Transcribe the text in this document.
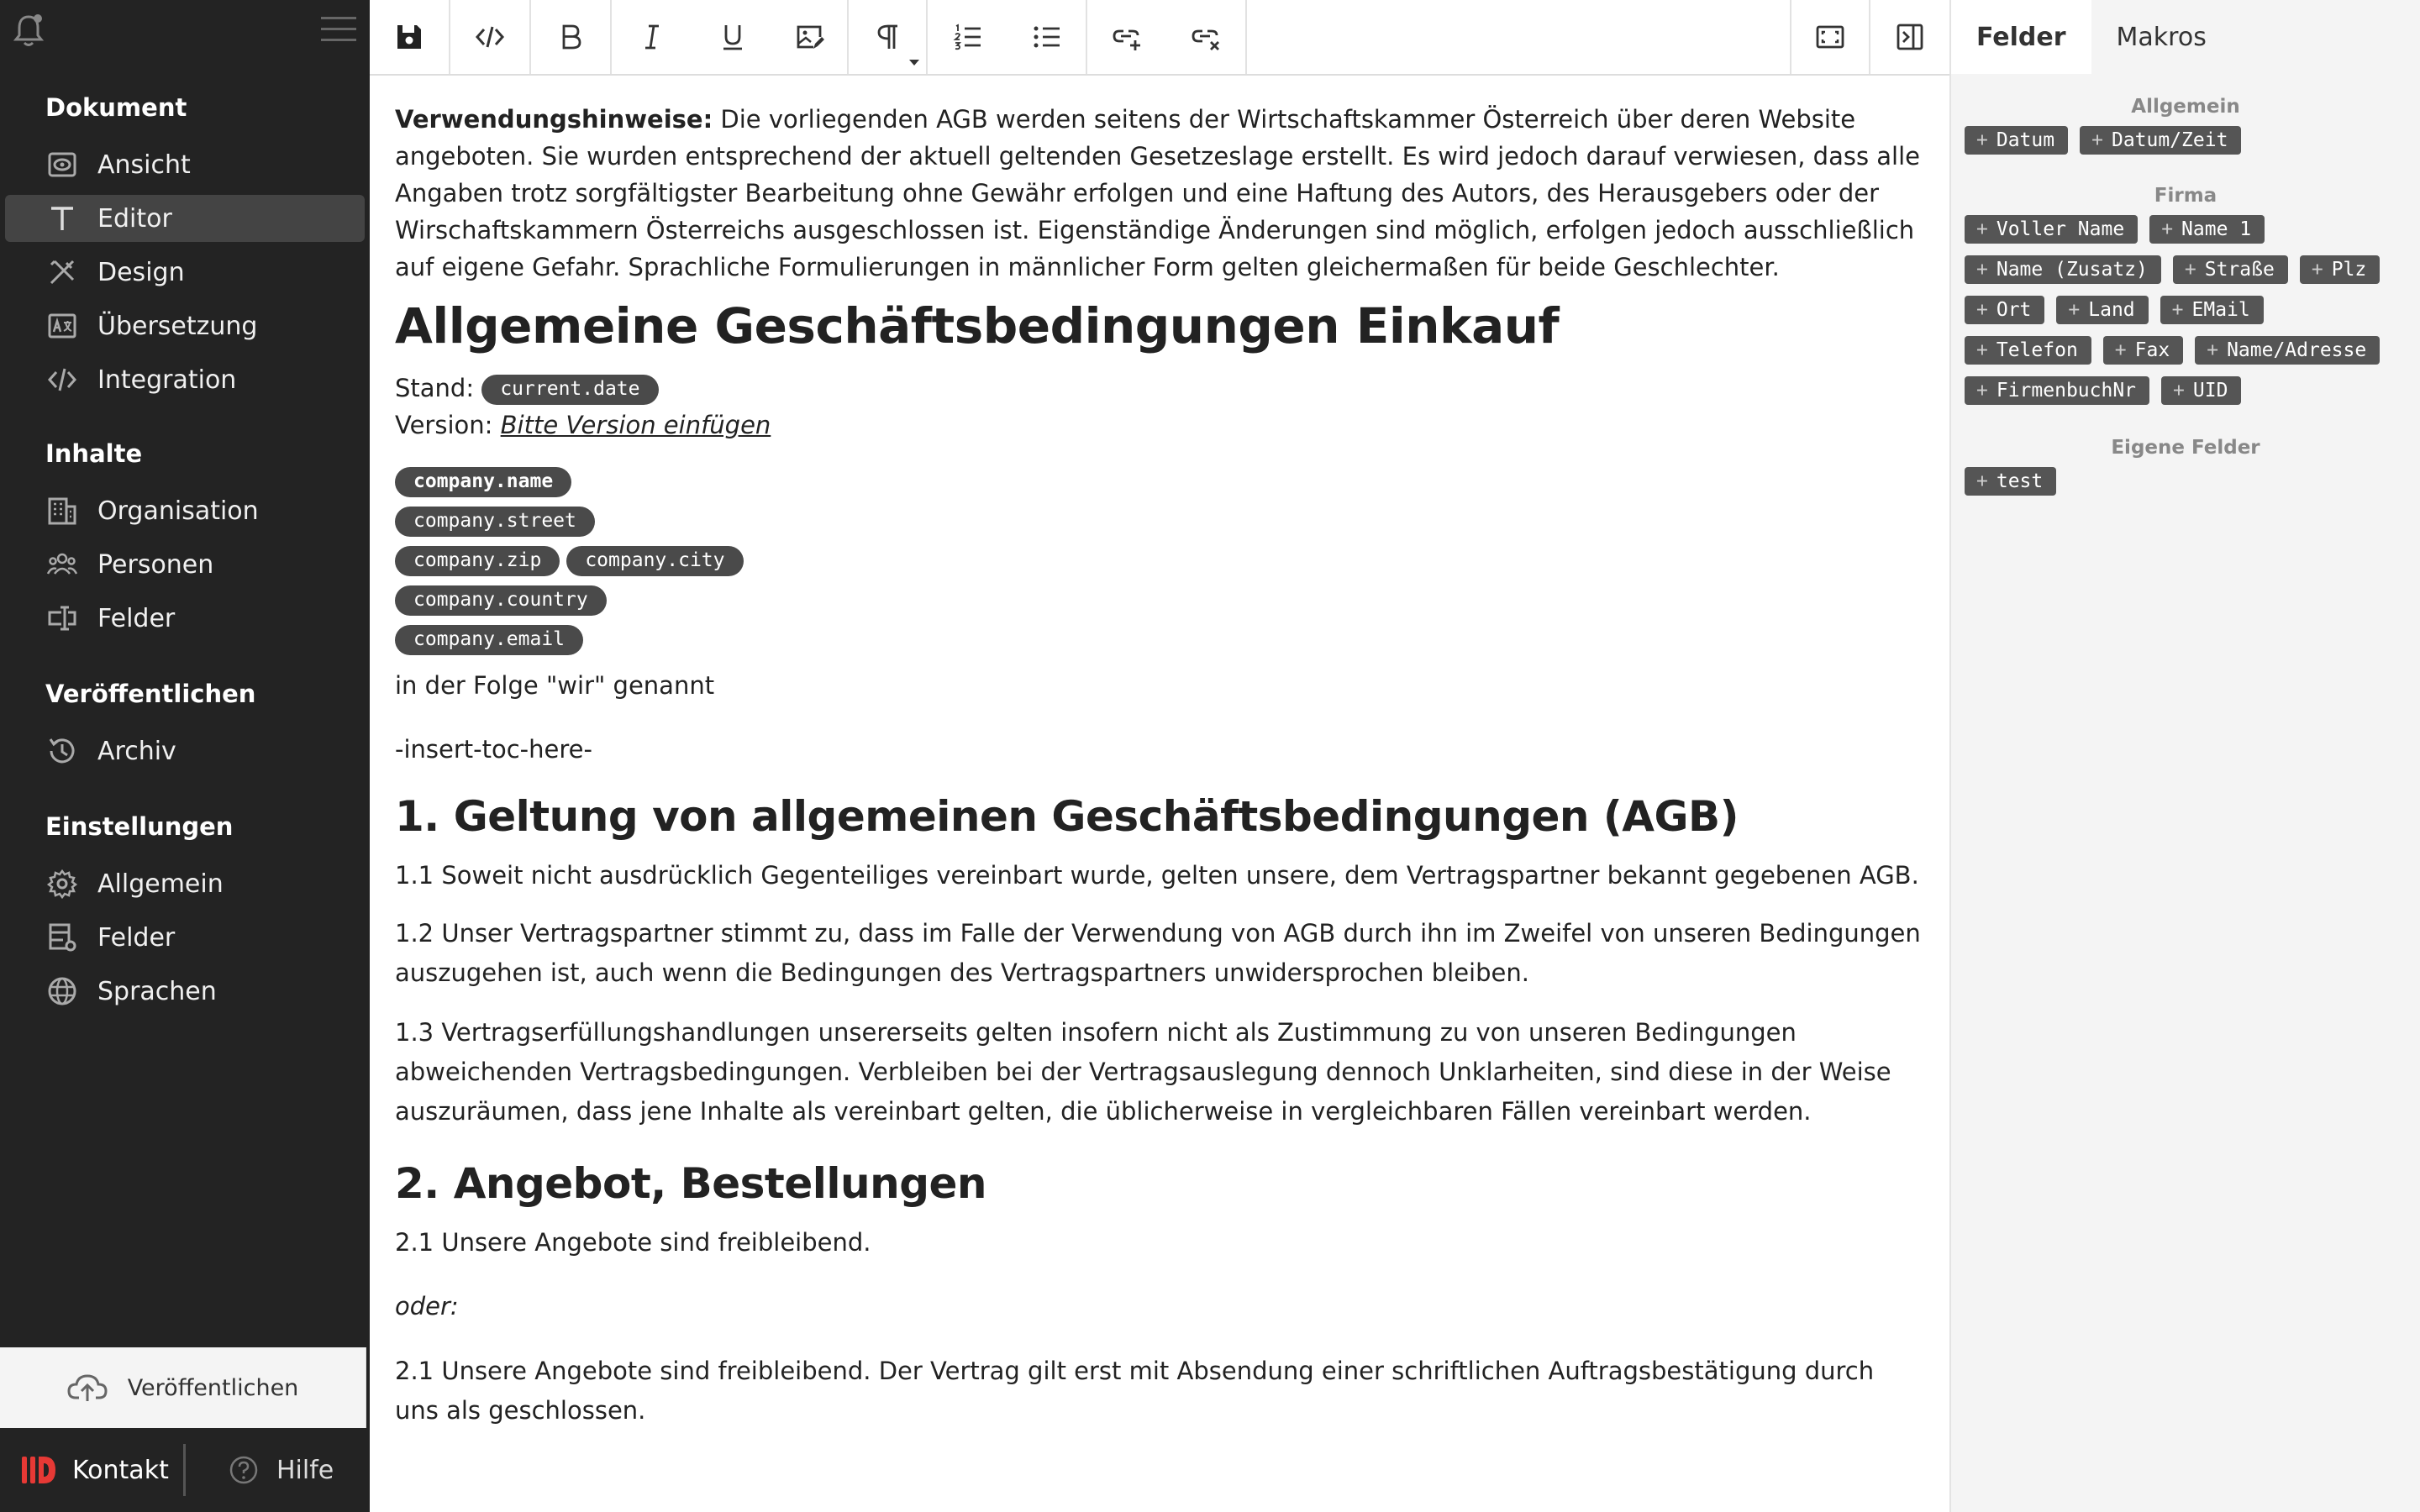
Dokument
Ansicht
Editor
Design
Übersetzung
Integration
Inhalte
Organisation
Personen
Felder
Veröffentlichen
Archiv
Einstellungen
Allgemein
Felder
Sprachen
Veröffentlichen
Kontakt	Hilfe

Verwendungshinweise: Die vorliegenden AGB werden seitens der Wirtschaftskammer Österreich über deren Website angeboten. Sie wurden entsprechend der aktuell geltenden Gesetzeslage erstellt. Es wird jedoch darauf verwiesen, dass alle Angaben trotz sorgfältigster Bearbeitung ohne Gewähr erfolgen und eine Haftung des Autors, des Herausgebers oder der Wirschaftskammern Österreichs ausgeschlossen ist. Eigenständige Änderungen sind möglich, erfolgen jedoch ausschließlich auf eigene Gefahr. Sprachliche Formulierungen in männlicher Form gelten gleichermaßen für beide Geschlechter.

Allgemeine Geschäftsbedingungen Einkauf

Stand: current.date

Version: Bitte Version einfügen

company.name
company.street
company.zip company.city
company.country
company.email

in der Folge "wir" genannt

-insert-toc-here-

1. Geltung von allgemeinen Geschäftsbedingungen (AGB)

1.1 Soweit nicht ausdrücklich Gegenteiliges vereinbart wurde, gelten unsere, dem Vertragspartner bekannt gegebenen AGB.

1.2 Unser Vertragspartner stimmt zu, dass im Falle der Verwendung von AGB durch ihn im Zweifel von unseren Bedingungen auszugehen ist, auch wenn die Bedingungen des Vertragspartners unwidersprochen bleiben.

1.3 Vertragserfüllungshandlungen unsererseits gelten insofern nicht als Zustimmung zu von unseren Bedingungen abweichenden Vertragsbedingungen. Verbleiben bei der Vertragsauslegung dennoch Unklarheiten, sind diese in der Weise auszuräumen, dass jene Inhalte als vereinbart gelten, die üblicherweise in vergleichbaren Fällen vereinbart werden.

2. Angebot, Bestellungen

2.1 Unsere Angebote sind freibleibend.

oder:

2.1 Unsere Angebote sind freibleibend. Der Vertrag gilt erst mit Absendung einer schriftlichen Auftragsbestätigung durch uns als geschlossen.

Felder	Makros
Allgemein
+ Datum + Datum/Zeit
Firma
+ Voller Name + Name 1
+ Name (Zusatz) + Straße + Plz
+ Ort + Land + EMail
+ Telefon + Fax + Name/Adresse
+ FirmenbuchNr + UID
Eigene Felder
+ test
